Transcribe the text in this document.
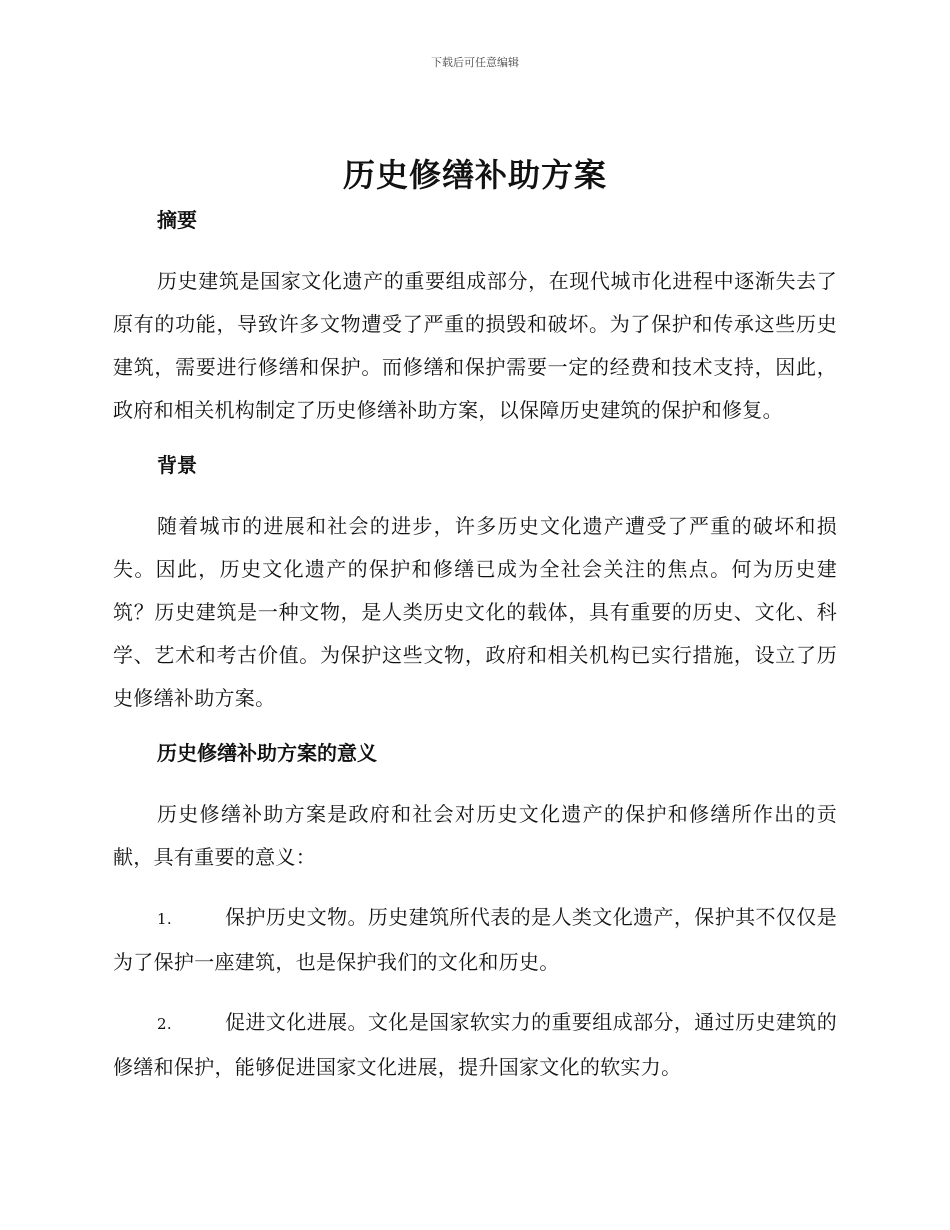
下载后可任意编辑
历史修缮补助方案
摘要

历史建筑是国家文化遗产的重要组成部分，在现代城市化进程中逐渐失去了原有的功能，导致许多文物遭受了严重的损毁和破坏。为了保护和传承这些历史建筑，需要进行修缮和保护。而修缮和保护需要一定的经费和技术支持，因此，政府和相关机构制定了历史修缮补助方案，以保障历史建筑的保护和修复。

背景

随着城市的进展和社会的进步，许多历史文化遗产遭受了严重的破坏和损失。因此，历史文化遗产的保护和修缮已成为全社会关注的焦点。何为历史建筑？历史建筑是一种文物，是人类历史文化的载体，具有重要的历史、文化、科学、艺术和考古价值。为保护这些文物，政府和相关机构已实行措施，设立了历史修缮补助方案。

历史修缮补助方案的意义

历史修缮补助方案是政府和社会对历史文化遗产的保护和修缮所作出的贡献，具有重要的意义：

1.	保护历史文物。历史建筑所代表的是人类文化遗产，保护其不仅仅是为了保护一座建筑，也是保护我们的文化和历史。

2.	促进文化进展。文化是国家软实力的重要组成部分，通过历史建筑的修缮和保护，能够促进国家文化进展，提升国家文化的软实力。
